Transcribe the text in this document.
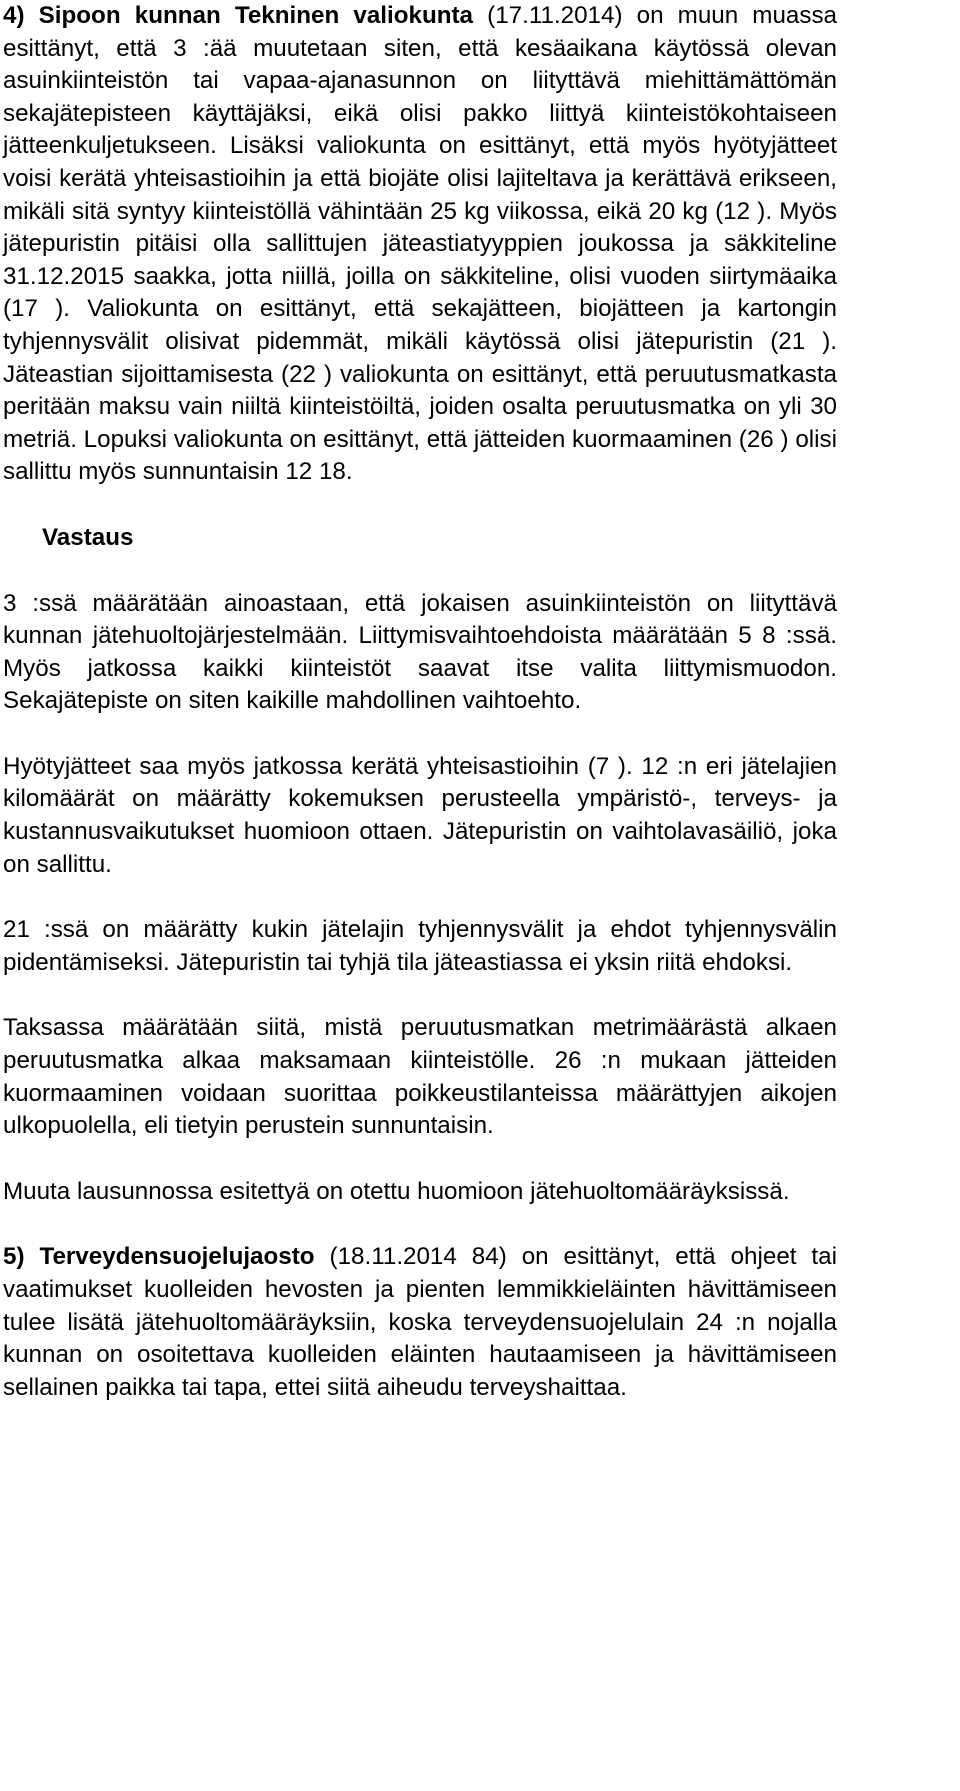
4) Sipoon kunnan Tekninen valiokunta (17.11.2014) on muun muassa esittänyt, että 3 :ää muutetaan siten, että kesäaikana käytössä olevan asuinkiinteistön tai vapaa-ajanasunnon on liityttävä miehittämättömän sekajätepisteen käyttäjäksi, eikä olisi pakko liittyä kiinteistökohtaiseen jätteenkuljetukseen. Lisäksi valiokunta on esittänyt, että myös hyötyjätteet voisi kerätä yhteisastioihin ja että biojäte olisi lajiteltava ja kerättävä erikseen, mikäli sitä syntyy kiinteistöllä vähintään 25 kg viikossa, eikä 20 kg (12 ). Myös jätepuristin pitäisi olla sallittujen jäteastiatyyppien joukossa ja säkkiteline 31.12.2015 saakka, jotta niillä, joilla on säkkiteline, olisi vuoden siirtymäaika (17 ). Valiokunta on esittänyt, että sekajätteen, biojätteen ja kartongin tyhjennysvälit olisivat pidemmät, mikäli käytössä olisi jätepuristin (21 ). Jäteastian sijoittamisesta (22 ) valiokunta on esittänyt, että peruutusmatkasta peritään maksu vain niiltä kiinteistöiltä, joiden osalta peruutusmatka on yli 30 metriä. Lopuksi valiokunta on esittänyt, että jätteiden kuormaaminen (26 ) olisi sallittu myös sunnuntaisin 12 18.

Vastaus

3 :ssä määrätään ainoastaan, että jokaisen asuinkiinteistön on liityttävä kunnan jätehuoltojärjestelmään. Liittymisvaihtoehdoista määrätään 5 8 :ssä. Myös jatkossa kaikki kiinteistöt saavat itse valita liittymismuodon. Sekajätepiste on siten kaikille mahdollinen vaihtoehto.

Hyötyjätteet saa myös jatkossa kerätä yhteisastioihin (7 ). 12 :n eri jätelajien kilomäärät on määrätty kokemuksen perusteella ympäristö-, terveys- ja kustannusvaikutukset huomioon ottaen. Jätepuristin on vaihtolavasäiliö, joka on sallittu.

21 :ssä on määrätty kukin jätelajin tyhjennysvälit ja ehdot tyhjennysvälin pidentämiseksi. Jätepuristin tai tyhjä tila jäteastiassa ei yksin riitä ehdoksi.

Taksassa määrätään siitä, mistä peruutusmatkan metrimäärästä alkaen peruutusmatka alkaa maksamaan kiinteistölle. 26 :n mukaan jätteiden kuormaaminen voidaan suorittaa poikkeustilanteissa määrättyjen aikojen ulkopuolella, eli tietyin perustein sunnuntaisin.

Muuta lausunnossa esitettyä on otettu huomioon jätehuoltomääräyksissä.

5) Terveydensuojelujaosto (18.11.2014 84) on esittänyt, että ohjeet tai vaatimukset kuolleiden hevosten ja pienten lemmikkieläinten hävittämiseen tulee lisätä jätehuoltomääräyksiin, koska terveydensuojelulain 24 :n nojalla kunnan on osoitettava kuolleiden eläinten hautaamiseen ja hävittämiseen sellainen paikka tai tapa, ettei siitä aiheudu terveyshaittaa.
